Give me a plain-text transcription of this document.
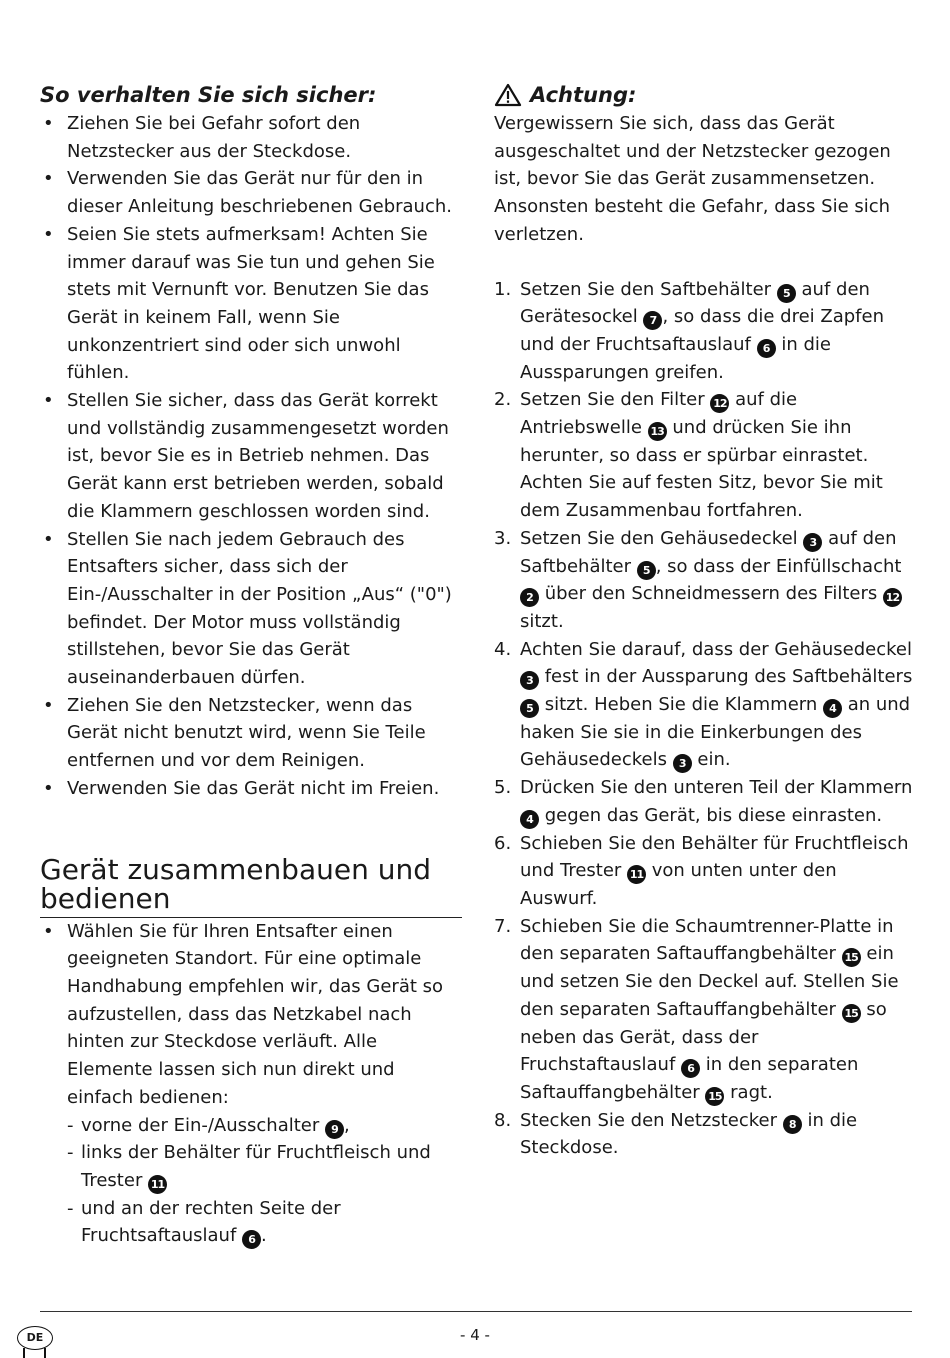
So verhalten Sie sich sicher:
• Ziehen Sie bei Gefahr sofort den Netzstecker aus der Steckdose.
• Verwenden Sie das Gerät nur für den in dieser Anleitung beschriebenen Gebrauch.
• Seien Sie stets aufmerksam! Achten Sie immer darauf was Sie tun und gehen Sie stets mit Vernunft vor. Benutzen Sie das Gerät in keinem Fall, wenn Sie unkonzentriert sind oder sich unwohl fühlen.
• Stellen Sie sicher, dass das Gerät korrekt und vollständig zusammengesetzt worden ist, bevor Sie es in Betrieb nehmen. Das Gerät kann erst betrieben werden, sobald die Klammern geschlossen worden sind.
• Stellen Sie nach jedem Gebrauch des Entsafters sicher, dass sich der Ein-/Ausschalter in der Position „Aus“ ("0") befindet. Der Motor muss vollständig stillstehen, bevor Sie das Gerät auseinanderbauen dürfen.
• Ziehen Sie den Netzstecker, wenn das Gerät nicht benutzt wird, wenn Sie Teile entfernen und vor dem Reinigen.
• Verwenden Sie das Gerät nicht im Freien.
Gerät zusammenbauen und
bedienen
• Wählen Sie für Ihren Entsafter einen geeigneten Standort. Für eine optimale Handhabung empfehlen wir, das Gerät so aufzustellen, dass das Netzkabel nach hinten zur Steckdose verläuft. Alle Elemente lassen sich nun direkt und einfach bedienen:
- vorne der Ein-/Ausschalter 9 ,
- links der Behälter für Fruchtfleisch und Trester 11
- und an der rechten Seite der Fruchtsaftauslauf 6 .
Achtung:
Vergewissern Sie sich, dass das Gerät ausgeschaltet und der Netzstecker gezogen ist, bevor Sie das Gerät zusammensetzen. Ansonsten besteht die Gefahr, dass Sie sich verletzen.
1. Setzen Sie den Saftbehälter 5 auf den Gerätesockel 7 , so dass die drei Zapfen und der Fruchtsaftauslauf 6 in die Aussparungen greifen.
2. Setzen Sie den Filter 12 auf die Antriebswelle 13 und drücken Sie ihn herunter, so dass er spürbar einrastet. Achten Sie auf festen Sitz, bevor Sie mit dem Zusammenbau fortfahren.
3. Setzen Sie den Gehäusedeckel 3 auf den Saftbehälter 5 , so dass der Einfüllschacht 2 über den Schneidmessern des Filters 12 sitzt.
4. Achten Sie darauf, dass der Gehäusedeckel 3 fest in der Aussparung des Saftbehälters 5 sitzt. Heben Sie die Klammern 4 an und haken Sie sie in die Einkerbungen des Gehäusedeckels 3 ein.
5. Drücken Sie den unteren Teil der Klammern 4 gegen das Gerät, bis diese einrasten.
6. Schieben Sie den Behälter für Fruchtfleisch und Trester 11 von unten unter den Auswurf.
7. Schieben Sie die Schaumtrenner-Platte in den separaten Saftauffangbehälter 15 ein und setzen Sie den Deckel auf. Stellen Sie den separaten Saftauffangbehälter 15 so neben das Gerät, dass der Fruchstaftauslauf 6 in den separaten Saftauffangbehälter 15 ragt.
8. Stecken Sie den Netzstecker 8 in die Steckdose.
- 4 -
DE
